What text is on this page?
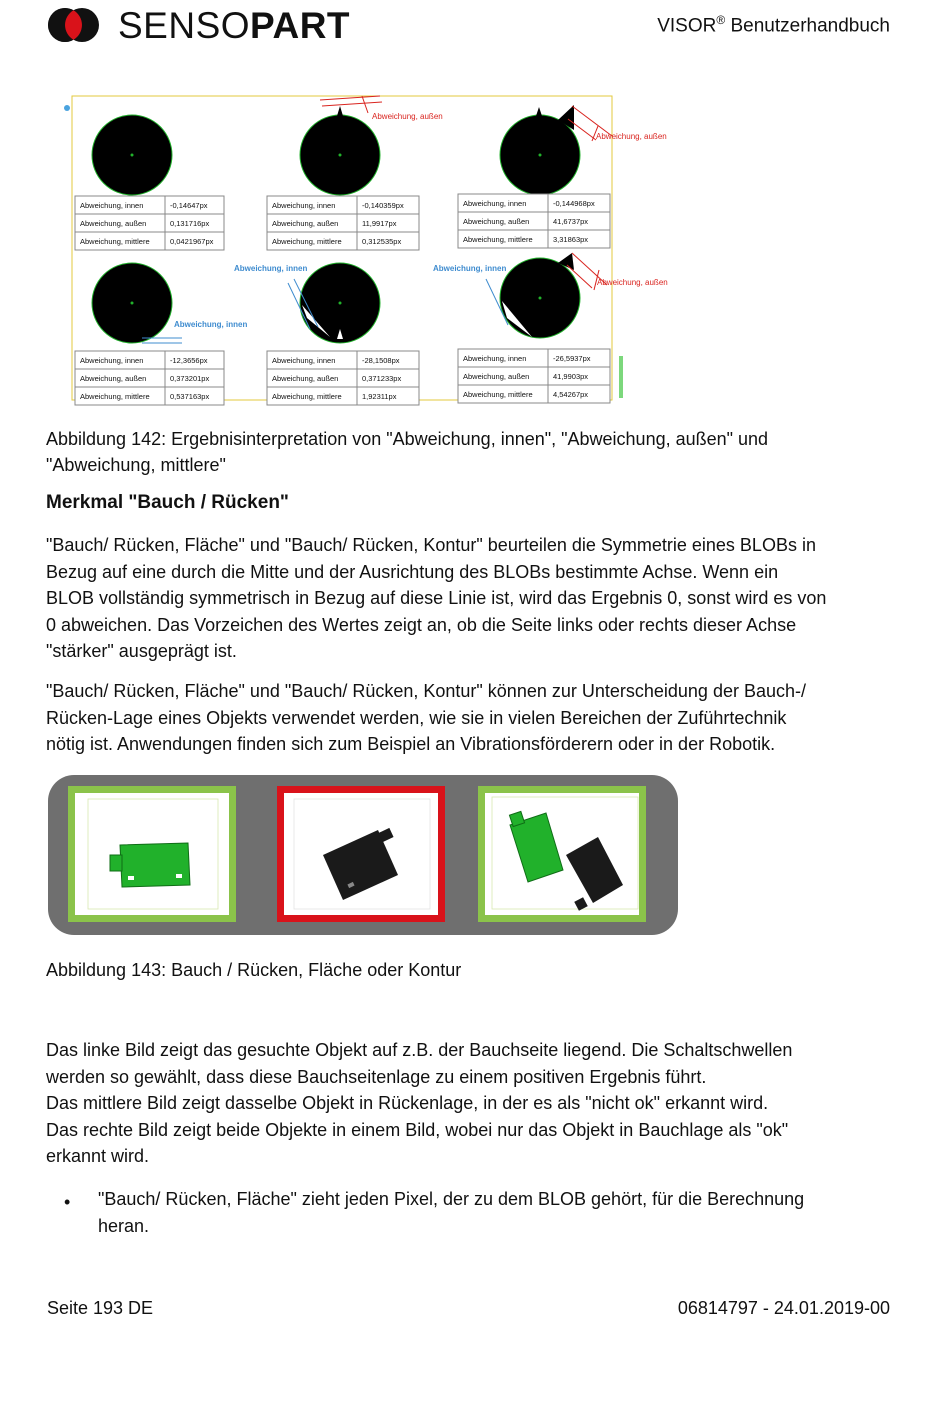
SENSOPART	VISOR® Benutzerhandbuch
Abweichung, außen
Abweichung, außen
Abweichung, außen
Abweichung, innen
Abweichung, innen	Abweichung, innen
Abweichung, innen	-0,14647px
Abweichung, außen	0,131716px
Abweichung, mittlere	0,0421967px
Abweichung, innen	-0,140359px
Abweichung, außen	11,9917px
Abweichung, mittlere	0,312535px
Abweichung, innen	-0,144968px
Abweichung, außen	41,6737px
Abweichung, mittlere	3,31863px
Abweichung, innen	-12,3656px
Abweichung, außen	0,373201px
Abweichung, mittlere	0,537163px
Abweichung, innen	-28,1508px
Abweichung, außen	0,371233px
Abweichung, mittlere	1,92311px
Abweichung, innen	-26,5937px
Abweichung, außen	41,9903px
Abweichung, mittlere	4,54267px
Abbildung 142: Ergebnisinterpretation von "Abweichung, innen", "Abweichung, außen" und
"Abweichung, mittlere"
Merkmal "Bauch / Rücken"
"Bauch/ Rücken, Fläche" und "Bauch/ Rücken, Kontur" beurteilen die Symmetrie eines BLOBs in
Bezug auf eine durch die Mitte und der Ausrichtung des BLOBs bestimmte Achse. Wenn ein
BLOB vollständig symmetrisch in Bezug auf diese Linie ist, wird das Ergebnis 0, sonst wird es von
0 abweichen. Das Vorzeichen des Wertes zeigt an, ob die Seite links oder rechts dieser Achse
"stärker" ausgeprägt ist.
"Bauch/ Rücken, Fläche" und "Bauch/ Rücken, Kontur" können zur Unterscheidung der Bauch-/
Rücken-Lage eines Objekts verwendet werden, wie sie in vielen Bereichen der Zuführtechnik
nötig ist. Anwendungen finden sich zum Beispiel an Vibrationsförderern oder in der Robotik.
Abbildung 143: Bauch / Rücken, Fläche oder Kontur
Das linke Bild zeigt das gesuchte Objekt auf z.B. der Bauchseite liegend. Die Schaltschwellen
werden so gewählt, dass diese Bauchseitenlage zu einem positiven Ergebnis führt.
Das mittlere Bild zeigt dasselbe Objekt in Rückenlage, in der es als "nicht ok" erkannt wird.
Das rechte Bild zeigt beide Objekte in einem Bild, wobei nur das Objekt in Bauchlage als "ok"
erkannt wird.
• "Bauch/ Rücken, Fläche" zieht jeden Pixel, der zu dem BLOB gehört, für die Berechnung
heran.
Seite 193 DE	06814797 - 24.01.2019-00
